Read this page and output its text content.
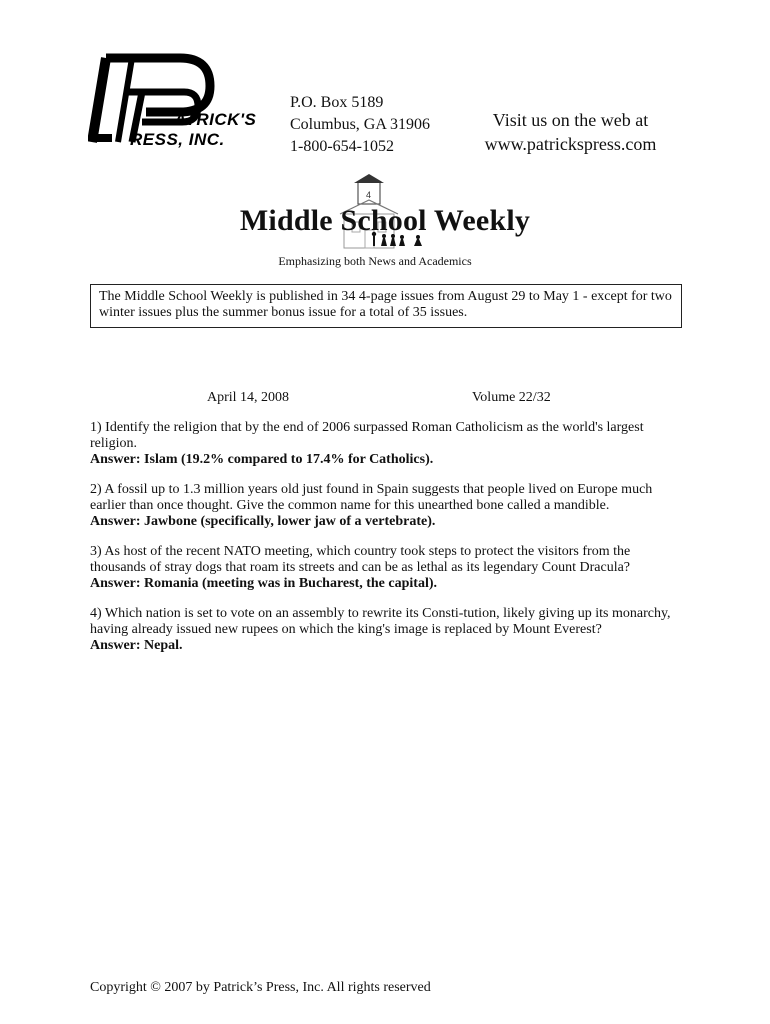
ATRICK'S
RESS, INC.
P.O. Box 5189
Columbus, GA 31906
1-800-654-1052
Visit us on the web at
www.patrickspress.com
4
Middle School Weekly
Emphasizing both News and Academics
The Middle School Weekly is published in 34 4-page issues from August 29 to May 1 - except for two winter issues plus the summer bonus issue for a total of 35 issues.
April 14, 2008	Volume 22/32
1) Identify the religion that by the end of 2006 surpassed Roman Catholicism as the world's largest religion.
Answer: Islam (19.2% compared to 17.4% for Catholics).
2) A fossil up to 1.3 million years old just found in Spain suggests that people lived on Europe much earlier than once thought. Give the common name for this unearthed bone called a mandible.
Answer: Jawbone (specifically, lower jaw of a vertebrate).
3) As host of the recent NATO meeting, which country took steps to protect the visitors from the thousands of stray dogs that roam its streets and can be as lethal as its legendary Count Dracula?
Answer: Romania (meeting was in Bucharest, the capital).
4) Which nation is set to vote on an assembly to rewrite its Consti-tution, likely giving up its monarchy, having already issued new rupees on which the king's image is replaced by Mount Everest?
Answer: Nepal.
Copyright © 2007 by Patrick’s Press, Inc. All rights reserved
